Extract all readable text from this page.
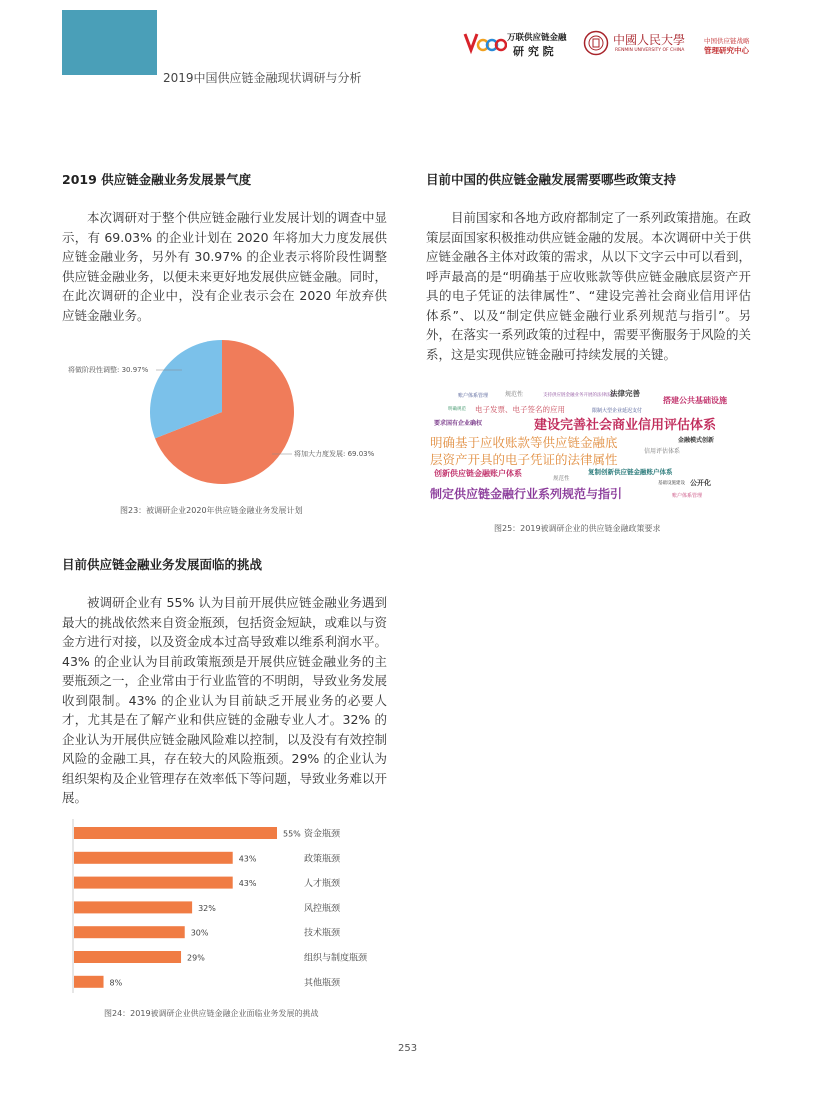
2019中国供应链金融现状调研与分析
万联供应链金融
研 究 院
中國人民大學
RENMIN UNIVERSITY OF CHINA
中国供应链战略
管理研究中心
2019 供应链金融业务发展景气度

本次调研对于整个供应链金融行业发展计划的调查中显示，有 69.03% 的企业计划在 2020 年将加大力度发展供应链金融业务，另外有 30.97% 的企业表示将阶段性调整供应链金融业务，以便未来更好地发展供应链金融。同时，在此次调研的企业中，没有企业表示会在 2020 年放弃供应链金融业务。

将做阶段性调整: 30.97%
将加大力度发展: 69.03%
图23：被调研企业2020年供应链金融业务发展计划
目前供应链金融业务发展面临的挑战

被调研企业有 55% 认为目前开展供应链金融业务遇到最大的挑战依然来自资金瓶颈，包括资金短缺，或难以与资金方进行对接，以及资金成本过高导致难以维系利润水平。43% 的企业认为目前政策瓶颈是开展供应链金融业务的主要瓶颈之一，企业常由于行业监管的不明朗，导致业务发展收到限制。43% 的企业认为目前缺乏开展业务的必要人才，尤其是在了解产业和供应链的金融专业人才。32% 的企业认为开展供应链金融风险难以控制，以及没有有效控制风险的金融工具，存在较大的风险瓶颈。29% 的企业认为组织架构及企业管理存在效率低下等问题，导致业务难以开展。

55% 资金瓶颈
43%	政策瓶颈
43%	人才瓶颈
32%	风控瓶颈
30%	技术瓶颈
29%	组织与制度瓶颈
8%	其他瓶颈
图24：2019被调研企业供应链金融企业面临业务发展的挑战
目前中国的供应链金融发展需要哪些政策支持

目前国家和各地方政府都制定了一系列政策措施。在政策层面国家积极推动供应链金融的发展。本次调研中关于供应链金融各主体对政策的需求，从以下文字云中可以看到，呼声最高的是“明确基于应收账款等供应链金融底层资产开具的电子凭证的法律属性”、“建设完善社会商业信用评估体系”、以及“制定供应链金融行业系列规范与指引”。另外，在落实一系列政策的过程中，需要平衡服务于风险的关系，这是实现供应链金融可持续发展的关键。

账户体系管理	规范性	支持供应链金融业务开展的法律法规
法律完善
搭建公共基础设施
明确规范 电子发票、电子签名的应用	限制大型企业延迟支付
要求国有企业确权	建设完善社会商业信用评估体系
明确基于应收账款等供应链金融底	金融模式创新
信用评估体系
层资产开具的电子凭证的法律属性
创新供应链金融账户体系
规范性
复制创新供应链金融账户体系
基础设施建设 公开化
制定供应链金融行业系列规范与指引	账户体系管理
图25：2019被调研企业的供应链金融政策要求
253
